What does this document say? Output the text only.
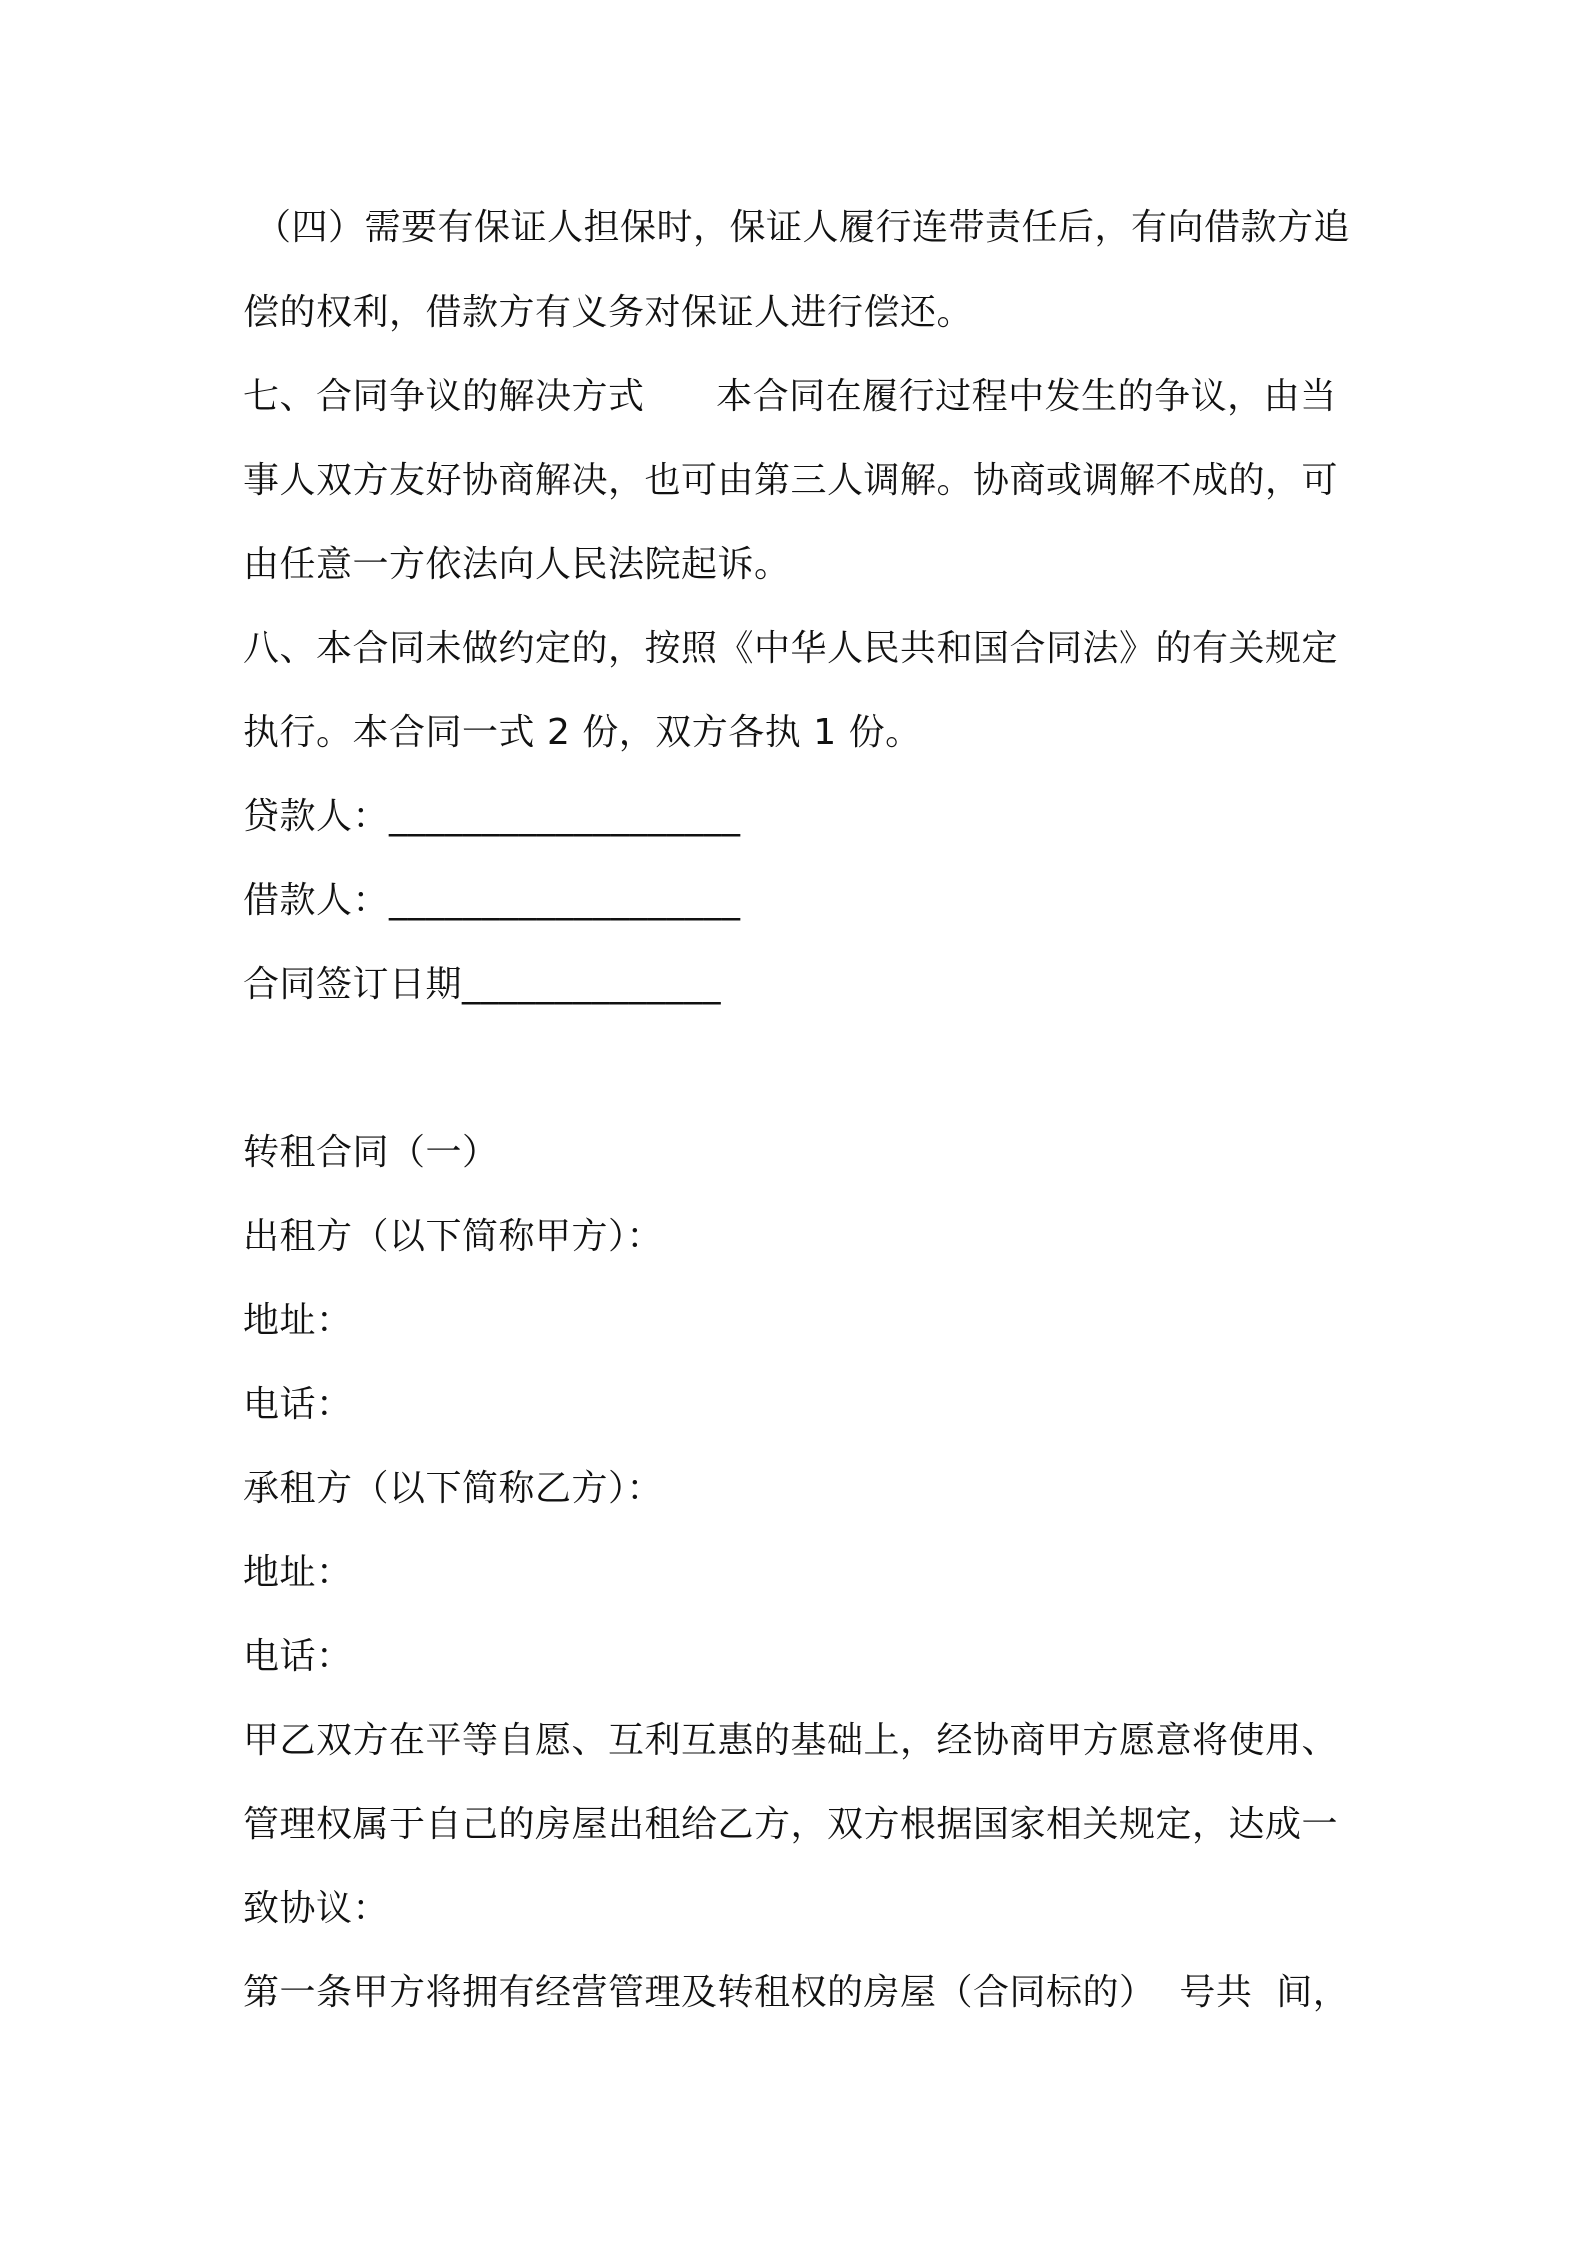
（四）需要有保证人担保时，保证人履行连带责任后，有向借款方追
偿的权利，借款方有义务对保证人进行偿还。
七、合同争议的解决方式      本合同在履行过程中发生的争议，由当
事人双方友好协商解决，也可由第三人调解。协商或调解不成的，可
由任意一方依法向人民法院起诉。
八、本合同未做约定的，按照《中华人民共和国合同法》的有关规定
执行。本合同一式 2 份，双方各执 1 份。
贷款人：___________________
借款人：___________________
合同签订日期______________
转租合同（一）
出租方（以下简称甲方）：
地址：
电话：
承租方（以下简称乙方）：
地址：
电话：
甲乙双方在平等自愿、互利互惠的基础上，经协商甲方愿意将使用、
管理权属于自己的房屋出租给乙方，双方根据国家相关规定，达成一
致协议：
第一条甲方将拥有经营管理及转租权的房屋（合同标的）  号共  间，
